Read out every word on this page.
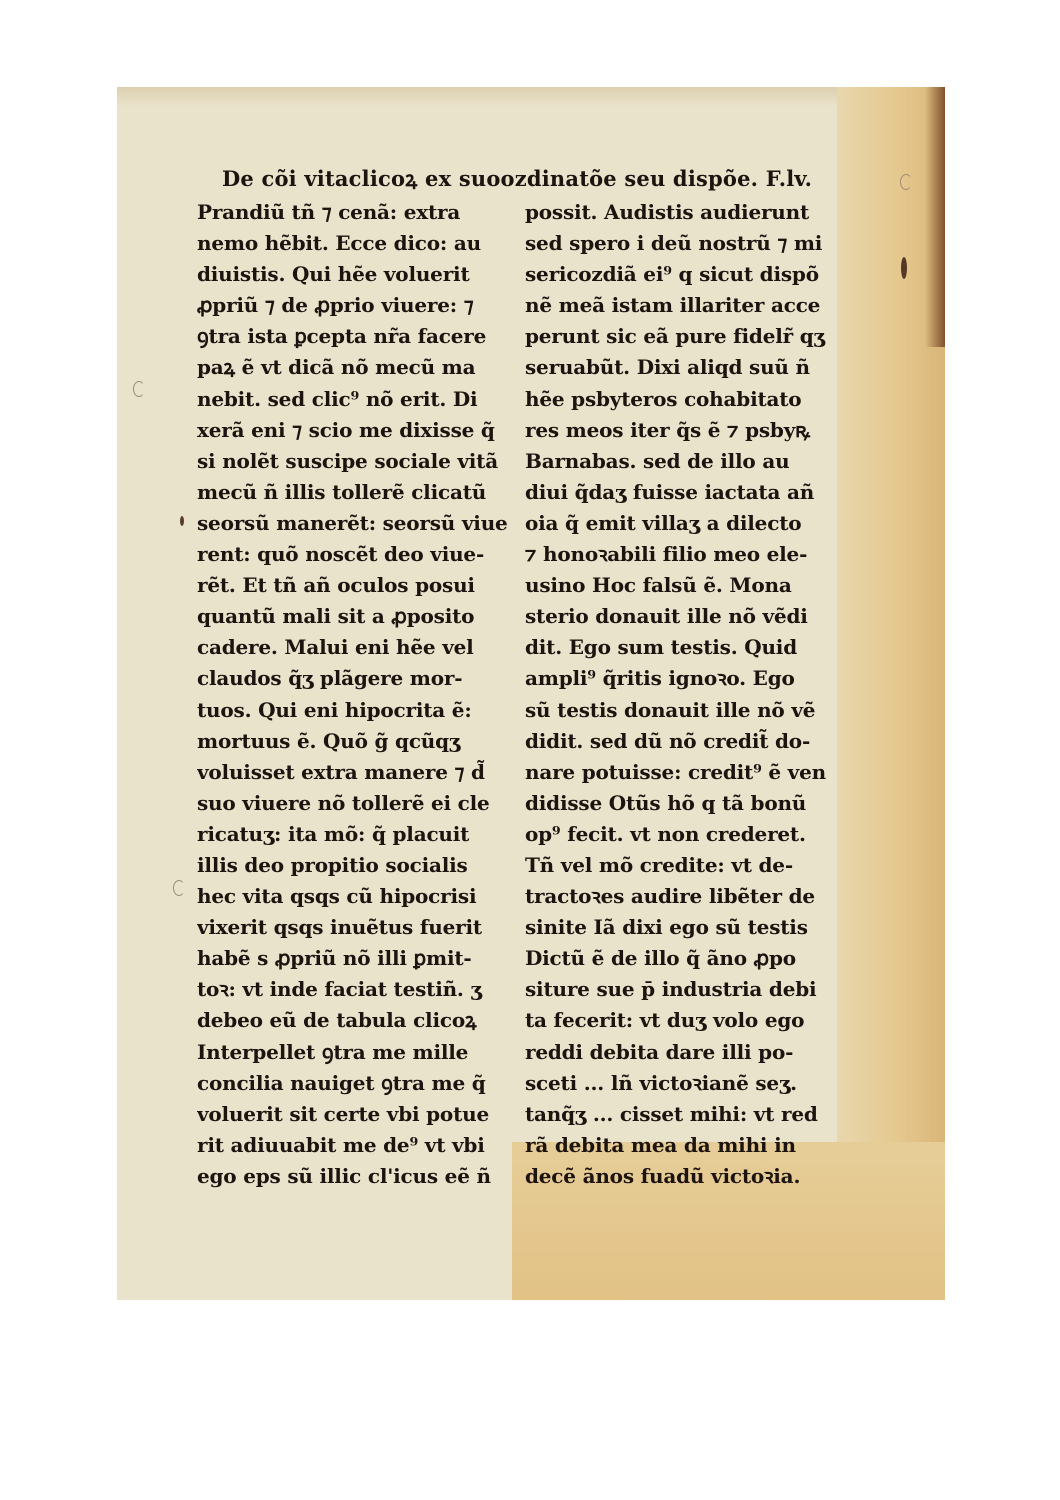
De cõi vitaclicoꝝ ex suoozdinatõe seu dispõe. F.lv.
Prandiũ tñ ⁊ cenã: extra
nemo hẽbit. Ecce dico: au
diuistis. Qui hẽe voluerit
ꝓpriũ ⁊ de ꝓprio viuere: ⁊
ꝯtra ista ꝑcepta nr̃a facere
paꝝ ẽ vt dicã nõ mecũ ma
nebit. sed clic⁹ nõ erit. Di
xerã eni ⁊ scio me dixisse q̃
si nolẽt suscipe sociale vitã
mecũ ñ illis tollerẽ clicatũ
seorsũ manerẽt: seorsũ viue
rent: quõ noscẽt deo viue-
rẽt. Et tñ añ oculos posui
quantũ mali sit a ꝓposito
cadere. Malui eni hẽe vel
claudos q̃ʒ plãgere mor-
tuos. Qui eni hipocrita ẽ:
mortuus ẽ. Quõ g̃ qcũqʒ
voluisset extra manere ⁊ d̃
suo viuere nõ tollerẽ ei cle
ricatuʒ: ita mõ: q̃ placuit
illis deo propitio socialis
hec vita qsqs cũ hipocrisi
vixerit qsqs inuẽtus fuerit
habẽ s ꝓpriũ nõ illi ꝑmit-
toꝛ: vt inde faciat testiñ. ʒ
debeo eũ de tabula clicoꝝ
Interpellet ꝯtra me mille
concilia nauiget ꝯtra me q̃
voluerit sit certe vbi potue
rit adiuuabit me de⁹ vt vbi
ego eps sũ illic cl'icus eẽ ñ
possit. Audistis audierunt
sed spero i deũ nostrũ ⁊ mi
sericozdiã ei⁹ q sicut dispõ
nẽ meã istam illariter acce
perunt sic eã pure fidelr̃ qʒ
seruabũt. Dixi aliqd suũ ñ
hẽe psbyteros cohabitato
res meos iter q̃s ẽ ⁊ psbyꝶ
Barnabas. sed de illo au
diui q̃daʒ fuisse iactata añ
oia q̃ emit villaʒ a dilecto
⁊ honoꝛabili filio meo ele-
usino Hoc falsũ ẽ. Mona
sterio donauit ille nõ vẽdi
dit. Ego sum testis. Quid
ampli⁹ q̃ritis ignoꝛo. Ego
sũ testis donauit ille nõ vẽ
didit. sed dũ nõ credit̃ do-
nare potuisse: credit⁹ ẽ ven
didisse Otũs hõ q tã bonũ
op⁹ fecit. vt non crederet.
Tñ vel mõ credite: vt de-
tractoꝛes audire libẽter de
sinite Iã dixi ego sũ testis
Dictũ ẽ de illo q̃ ãno ꝓpo
siture sue p̄ industria debi
ta fecerit: vt duʒ volo ego
reddi debita dare illi po-
sceti ... lñ victoꝛianẽ seʒ.
tanq̃ʒ ... cisset mihi: vt red
rã debita mea da mihi in
decẽ ãnos fuadũ victoꝛia.
